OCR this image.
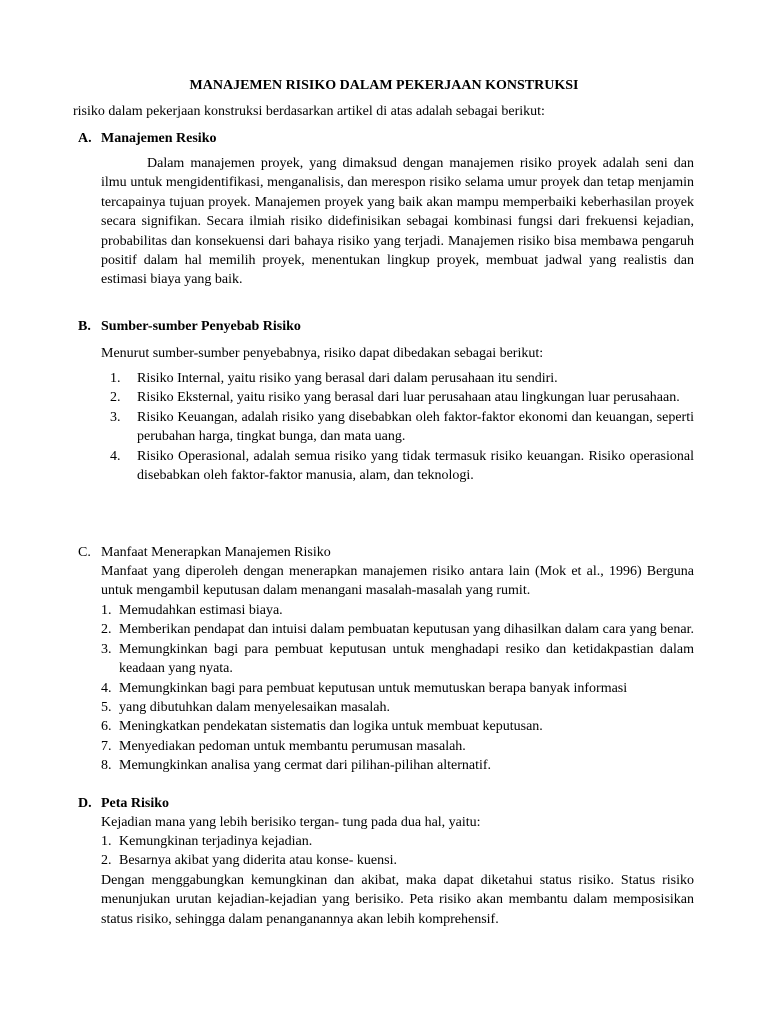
MANAJEMEN RISIKO DALAM PEKERJAAN KONSTRUKSI
risiko dalam pekerjaan konstruksi berdasarkan artikel di atas adalah sebagai berikut:
A. Manajemen Resiko
Dalam manajemen proyek, yang dimaksud dengan manajemen risiko proyek adalah seni dan ilmu untuk mengidentifikasi, menganalisis, dan merespon risiko selama umur proyek dan tetap menjamin tercapainya tujuan proyek. Manajemen proyek yang baik akan mampu memperbaiki keberhasilan proyek secara signifikan. Secara ilmiah risiko didefinisikan sebagai kombinasi fungsi dari frekuensi kejadian, probabilitas dan konsekuensi dari bahaya risiko yang terjadi. Manajemen risiko bisa membawa pengaruh positif dalam hal memilih proyek, menentukan lingkup proyek, membuat jadwal yang realistis dan estimasi biaya yang baik.
B. Sumber-sumber Penyebab Risiko
Menurut sumber-sumber penyebabnya, risiko dapat dibedakan sebagai berikut:
1.	Risiko Internal, yaitu risiko yang berasal dari dalam perusahaan itu sendiri.
2.	Risiko Eksternal, yaitu risiko yang berasal dari luar perusahaan atau lingkungan luar perusahaan.
3.	Risiko Keuangan, adalah risiko yang disebabkan oleh faktor-faktor ekonomi dan keuangan, seperti perubahan harga, tingkat bunga, dan mata uang.
4.	Risiko Operasional, adalah semua risiko yang tidak termasuk risiko keuangan. Risiko operasional disebabkan oleh faktor-faktor manusia, alam, dan teknologi.
C. Manfaat Menerapkan Manajemen Risiko
Manfaat yang diperoleh dengan menerapkan manajemen risiko antara lain (Mok et al., 1996) Berguna untuk mengambil keputusan dalam menangani masalah-masalah yang rumit.
1. Memudahkan estimasi biaya.
2. Memberikan pendapat dan intuisi dalam pembuatan keputusan yang dihasilkan dalam cara yang benar.
3. Memungkinkan bagi para pembuat keputusan untuk menghadapi resiko dan ketidakpastian dalam keadaan yang nyata.
4. Memungkinkan bagi para pembuat keputusan untuk memutuskan berapa banyak informasi
5. yang dibutuhkan dalam menyelesaikan masalah.
6. Meningkatkan pendekatan sistematis dan logika untuk membuat keputusan.
7. Menyediakan pedoman untuk membantu perumusan masalah.
8. Memungkinkan analisa yang cermat dari pilihan-pilihan alternatif.
D. Peta Risiko
Kejadian mana yang lebih berisiko tergan- tung pada dua hal, yaitu:
1. Kemungkinan terjadinya kejadian.
2. Besarnya akibat yang diderita atau konse- kuensi.
Dengan menggabungkan kemungkinan dan akibat, maka dapat diketahui status risiko. Status risiko menunjukan urutan kejadian-kejadian yang berisiko. Peta risiko akan membantu dalam memposisikan status risiko, sehingga dalam penanganannya akan lebih komprehensif.
